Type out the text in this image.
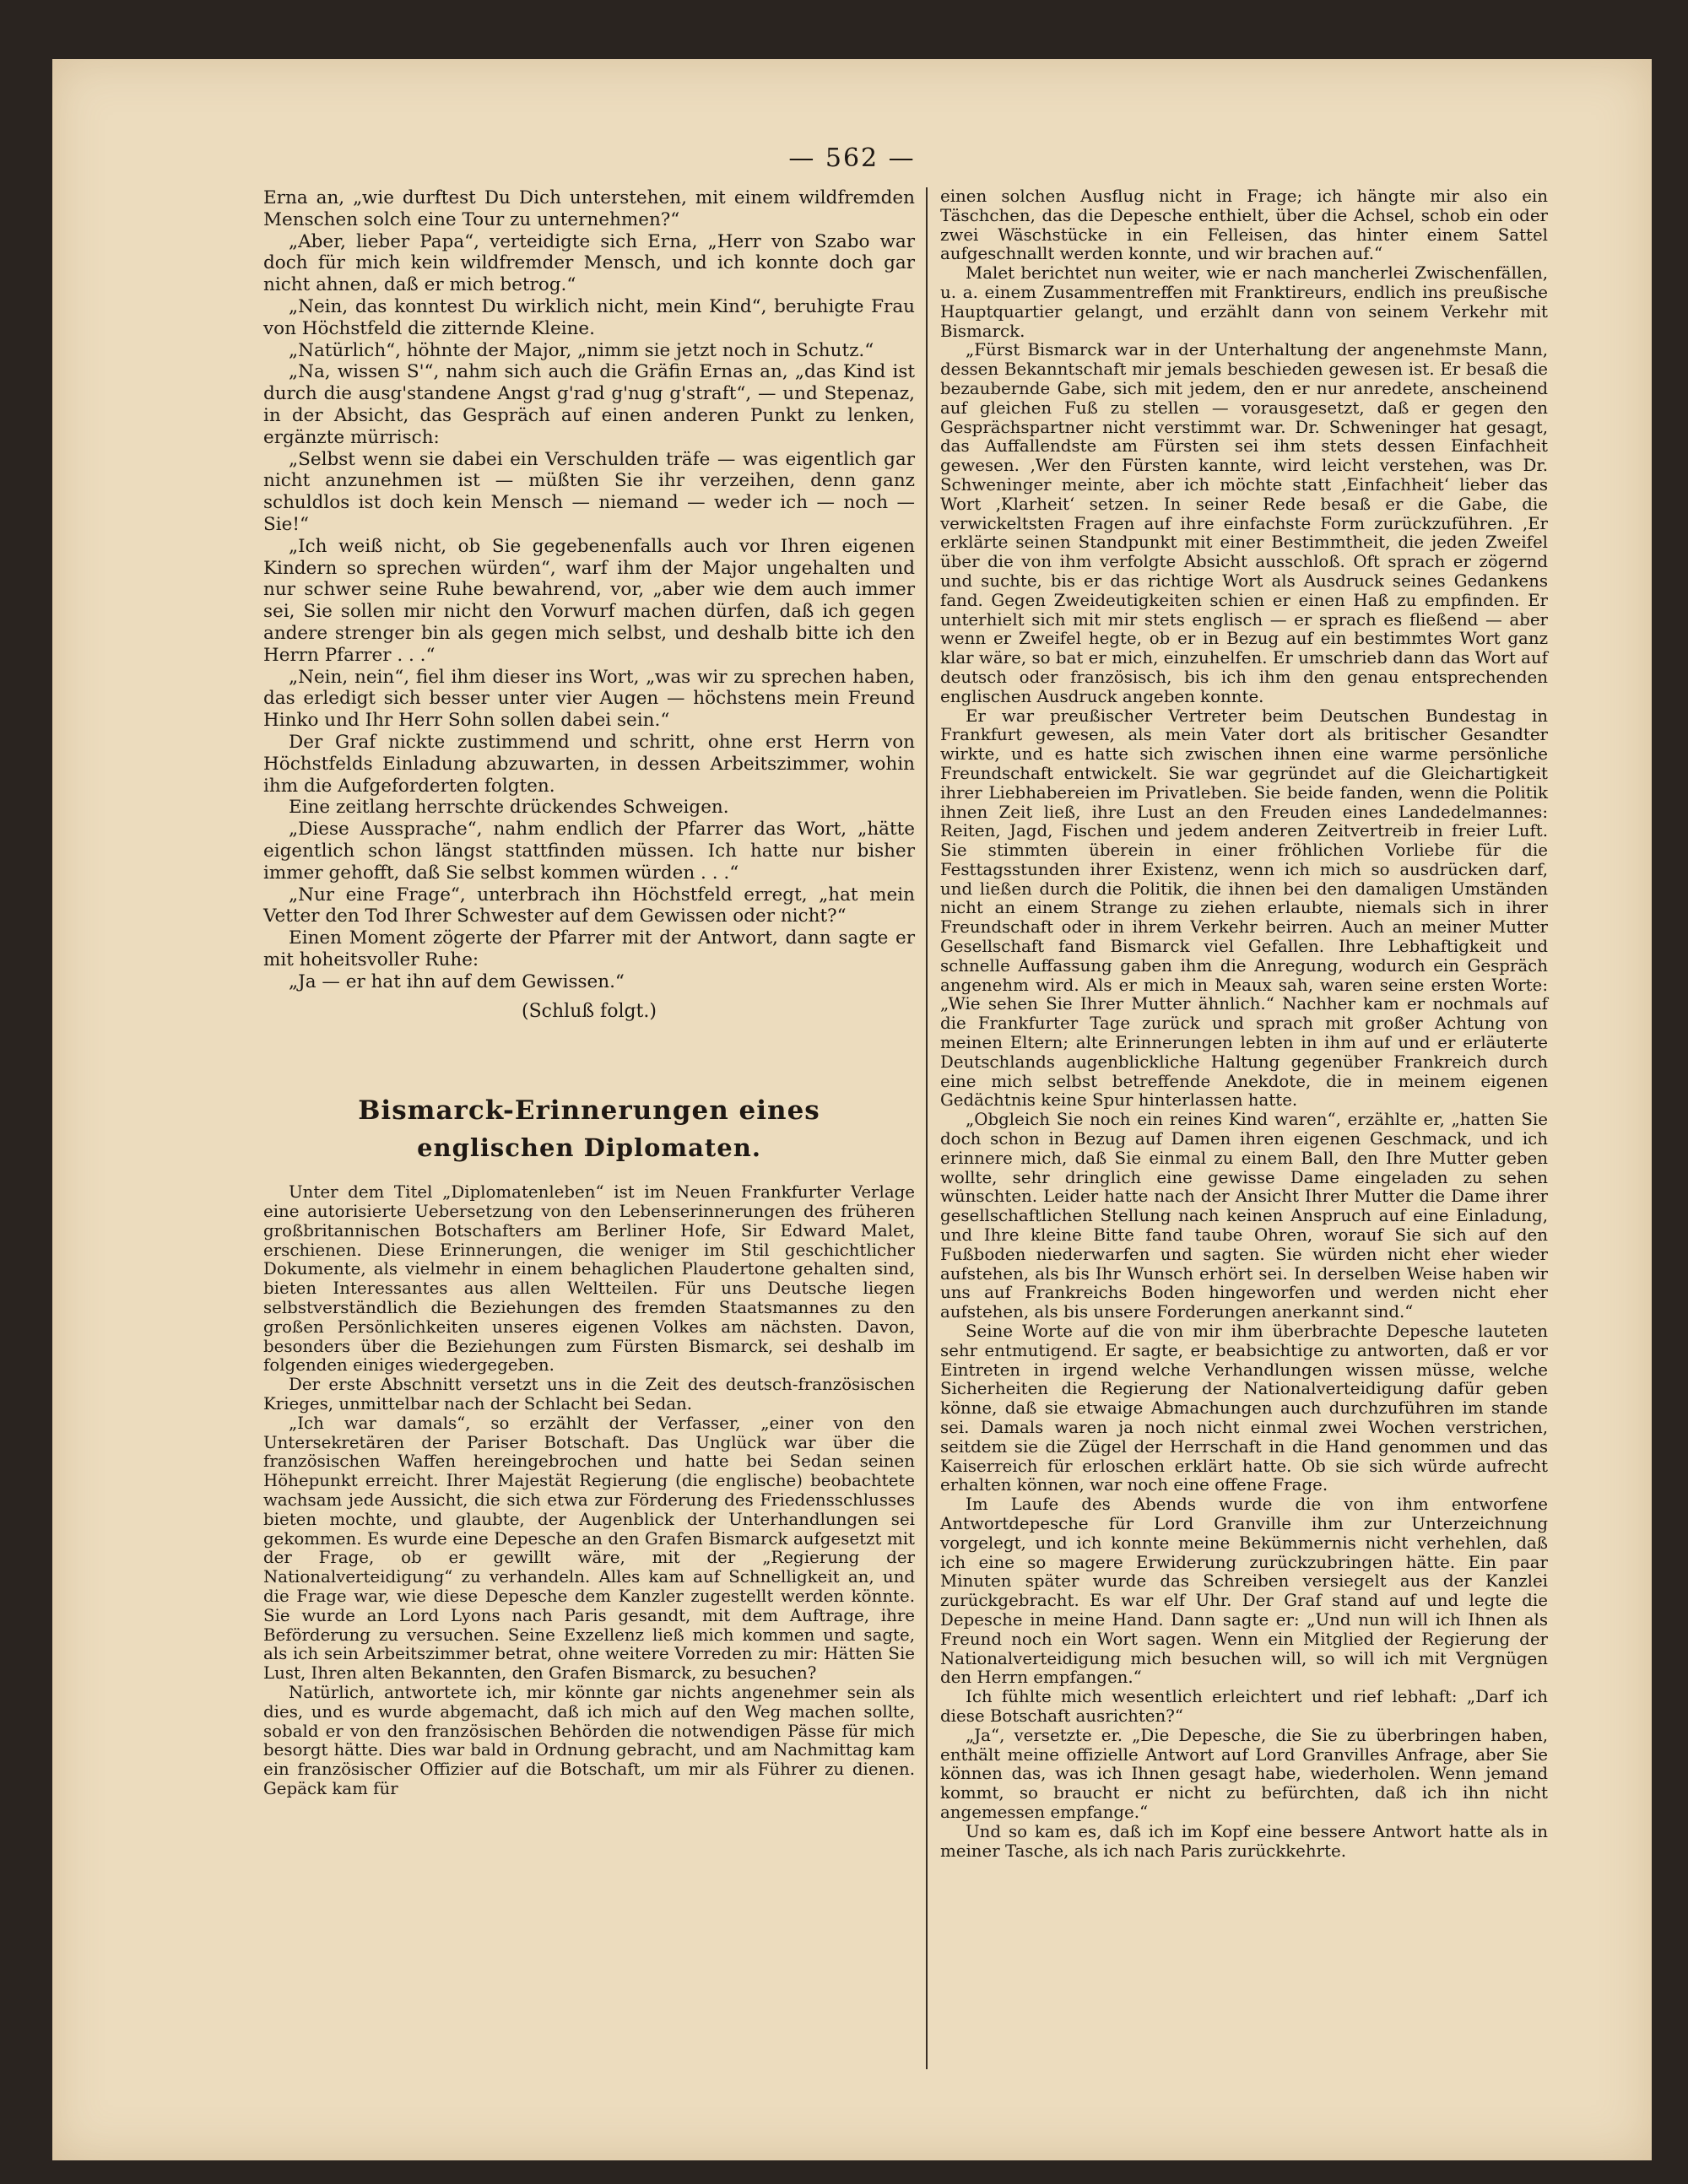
— 562 —

Erna an, „wie durftest Du Dich unterstehen, mit einem wildfremden Menschen solch eine Tour zu unternehmen?“

„Aber, lieber Papa“, verteidigte sich Erna, „Herr von Szabo war doch für mich kein wildfremder Mensch, und ich konnte doch gar nicht ahnen, daß er mich betrog.“

„Nein, das konntest Du wirklich nicht, mein Kind“, beruhigte Frau von Höchstfeld die zitternde Kleine.

„Natürlich“, höhnte der Major, „nimm sie jetzt noch in Schutz.“

„Na, wissen S'“, nahm sich auch die Gräfin Ernas an, „das Kind ist durch die ausg'standene Angst g'rad g'nug g'straft“, — und Stepenaz, in der Absicht, das Gespräch auf einen anderen Punkt zu lenken, ergänzte mürrisch:

„Selbst wenn sie dabei ein Verschulden träfe — was eigentlich gar nicht anzunehmen ist — müßten Sie ihr verzeihen, denn ganz schuldlos ist doch kein Mensch — niemand — weder ich — noch — Sie!“

„Ich weiß nicht, ob Sie gegebenenfalls auch vor Ihren eigenen Kindern so sprechen würden“, warf ihm der Major ungehalten und nur schwer seine Ruhe bewahrend, vor, „aber wie dem auch immer sei, Sie sollen mir nicht den Vorwurf machen dürfen, daß ich gegen andere strenger bin als gegen mich selbst, und deshalb bitte ich den Herrn Pfarrer . . .“

„Nein, nein“, fiel ihm dieser ins Wort, „was wir zu sprechen haben, das erledigt sich besser unter vier Augen — höchstens mein Freund Hinko und Ihr Herr Sohn sollen dabei sein.“

Der Graf nickte zustimmend und schritt, ohne erst Herrn von Höchstfelds Einladung abzuwarten, in dessen Arbeitszimmer, wohin ihm die Aufgeforderten folgten.

Eine zeitlang herrschte drückendes Schweigen.

„Diese Aussprache“, nahm endlich der Pfarrer das Wort, „hätte eigentlich schon längst stattfinden müssen. Ich hatte nur bisher immer gehofft, daß Sie selbst kommen würden . . .“

„Nur eine Frage“, unterbrach ihn Höchstfeld erregt, „hat mein Vetter den Tod Ihrer Schwester auf dem Gewissen oder nicht?“

Einen Moment zögerte der Pfarrer mit der Antwort, dann sagte er mit hoheitsvoller Ruhe:

„Ja — er hat ihn auf dem Gewissen.“

(Schluß folgt.)
Bismarck-Erinnerungen eines
englischen Diplomaten.

Unter dem Titel „Diplomatenleben“ ist im Neuen Frankfurter Verlage eine autorisierte Uebersetzung von den Lebenserinnerungen des früheren großbritannischen Botschafters am Berliner Hofe, Sir Edward Malet, erschienen. Diese Erinnerungen, die weniger im Stil geschichtlicher Dokumente, als vielmehr in einem behaglichen Plaudertone gehalten sind, bieten Interessantes aus allen Weltteilen. Für uns Deutsche liegen selbstverständlich die Beziehungen des fremden Staatsmannes zu den großen Persönlichkeiten unseres eigenen Volkes am nächsten. Davon, besonders über die Beziehungen zum Fürsten Bismarck, sei deshalb im folgenden einiges wiedergegeben.

Der erste Abschnitt versetzt uns in die Zeit des deutsch-französischen Krieges, unmittelbar nach der Schlacht bei Sedan.

„Ich war damals“, so erzählt der Verfasser, „einer von den Untersekretären der Pariser Botschaft. Das Unglück war über die französischen Waffen hereingebrochen und hatte bei Sedan seinen Höhepunkt erreicht. Ihrer Majestät Regierung (die englische) beobachtete wachsam jede Aussicht, die sich etwa zur Förderung des Friedensschlusses bieten mochte, und glaubte, der Augenblick der Unterhandlungen sei gekommen. Es wurde eine Depesche an den Grafen Bismarck aufgesetzt mit der Frage, ob er gewillt wäre, mit der „Regierung der Nationalverteidigung“ zu verhandeln. Alles kam auf Schnelligkeit an, und die Frage war, wie diese Depesche dem Kanzler zugestellt werden könnte. Sie wurde an Lord Lyons nach Paris gesandt, mit dem Auftrage, ihre Beförderung zu versuchen. Seine Exzellenz ließ mich kommen und sagte, als ich sein Arbeitszimmer betrat, ohne weitere Vorreden zu mir: Hätten Sie Lust, Ihren alten Bekannten, den Grafen Bismarck, zu besuchen?

Natürlich, antwortete ich, mir könnte gar nichts angenehmer sein als dies, und es wurde abgemacht, daß ich mich auf den Weg machen sollte, sobald er von den französischen Behörden die notwendigen Pässe für mich besorgt hätte. Dies war bald in Ordnung gebracht, und am Nachmittag kam ein französischer Offizier auf die Botschaft, um mir als Führer zu dienen. Gepäck kam für

einen solchen Ausflug nicht in Frage; ich hängte mir also ein Täschchen, das die Depesche enthielt, über die Achsel, schob ein oder zwei Wäschstücke in ein Felleisen, das hinter einem Sattel aufgeschnallt werden konnte, und wir brachen auf.“

Malet berichtet nun weiter, wie er nach mancherlei Zwischenfällen, u. a. einem Zusammentreffen mit Franktireurs, endlich ins preußische Hauptquartier gelangt, und erzählt dann von seinem Verkehr mit Bismarck.

„Fürst Bismarck war in der Unterhaltung der angenehmste Mann, dessen Bekanntschaft mir jemals beschieden gewesen ist. Er besaß die bezaubernde Gabe, sich mit jedem, den er nur anredete, anscheinend auf gleichen Fuß zu stellen — vorausgesetzt, daß er gegen den Gesprächspartner nicht verstimmt war. Dr. Schweninger hat gesagt, das Auffallendste am Fürsten sei ihm stets dessen Einfachheit gewesen. ‚Wer den Fürsten kannte, wird leicht verstehen, was Dr. Schweninger meinte, aber ich möchte statt ‚Einfachheit‘ lieber das Wort ‚Klarheit‘ setzen. In seiner Rede besaß er die Gabe, die verwickeltsten Fragen auf ihre einfachste Form zurückzuführen. ‚Er erklärte seinen Standpunkt mit einer Bestimmtheit, die jeden Zweifel über die von ihm verfolgte Absicht ausschloß. Oft sprach er zögernd und suchte, bis er das richtige Wort als Ausdruck seines Gedankens fand. Gegen Zweideutigkeiten schien er einen Haß zu empfinden. Er unterhielt sich mit mir stets englisch — er sprach es fließend — aber wenn er Zweifel hegte, ob er in Bezug auf ein bestimmtes Wort ganz klar wäre, so bat er mich, einzuhelfen. Er umschrieb dann das Wort auf deutsch oder französisch, bis ich ihm den genau entsprechenden englischen Ausdruck angeben konnte.

Er war preußischer Vertreter beim Deutschen Bundestag in Frankfurt gewesen, als mein Vater dort als britischer Gesandter wirkte, und es hatte sich zwischen ihnen eine warme persönliche Freundschaft entwickelt. Sie war gegründet auf die Gleichartigkeit ihrer Liebhabereien im Privatleben. Sie beide fanden, wenn die Politik ihnen Zeit ließ, ihre Lust an den Freuden eines Landedelmannes: Reiten, Jagd, Fischen und jedem anderen Zeitvertreib in freier Luft. Sie stimmten überein in einer fröhlichen Vorliebe für die Festtagsstunden ihrer Existenz, wenn ich mich so ausdrücken darf, und ließen durch die Politik, die ihnen bei den damaligen Umständen nicht an einem Strange zu ziehen erlaubte, niemals sich in ihrer Freundschaft oder in ihrem Verkehr beirren. Auch an meiner Mutter Gesellschaft fand Bismarck viel Gefallen. Ihre Lebhaftigkeit und schnelle Auffassung gaben ihm die Anregung, wodurch ein Gespräch angenehm wird. Als er mich in Meaux sah, waren seine ersten Worte: „Wie sehen Sie Ihrer Mutter ähnlich.“ Nachher kam er nochmals auf die Frankfurter Tage zurück und sprach mit großer Achtung von meinen Eltern; alte Erinnerungen lebten in ihm auf und er erläuterte Deutschlands augenblickliche Haltung gegenüber Frankreich durch eine mich selbst betreffende Anekdote, die in meinem eigenen Gedächtnis keine Spur hinterlassen hatte.

„Obgleich Sie noch ein reines Kind waren“, erzählte er, „hatten Sie doch schon in Bezug auf Damen ihren eigenen Geschmack, und ich erinnere mich, daß Sie einmal zu einem Ball, den Ihre Mutter geben wollte, sehr dringlich eine gewisse Dame eingeladen zu sehen wünschten. Leider hatte nach der Ansicht Ihrer Mutter die Dame ihrer gesellschaftlichen Stellung nach keinen Anspruch auf eine Einladung, und Ihre kleine Bitte fand taube Ohren, worauf Sie sich auf den Fußboden niederwarfen und sagten. Sie würden nicht eher wieder aufstehen, als bis Ihr Wunsch erhört sei. In derselben Weise haben wir uns auf Frankreichs Boden hingeworfen und werden nicht eher aufstehen, als bis unsere Forderungen anerkannt sind.“

Seine Worte auf die von mir ihm überbrachte Depesche lauteten sehr entmutigend. Er sagte, er beabsichtige zu antworten, daß er vor Eintreten in irgend welche Verhandlungen wissen müsse, welche Sicherheiten die Regierung der Nationalverteidigung dafür geben könne, daß sie etwaige Abmachungen auch durchzuführen im stande sei. Damals waren ja noch nicht einmal zwei Wochen verstrichen, seitdem sie die Zügel der Herrschaft in die Hand genommen und das Kaiserreich für erloschen erklärt hatte. Ob sie sich würde aufrecht erhalten können, war noch eine offene Frage.

Im Laufe des Abends wurde die von ihm entworfene Antwortdepesche für Lord Granville ihm zur Unterzeichnung vorgelegt, und ich konnte meine Bekümmernis nicht verhehlen, daß ich eine so magere Erwiderung zurückzubringen hätte. Ein paar Minuten später wurde das Schreiben versiegelt aus der Kanzlei zurückgebracht. Es war elf Uhr. Der Graf stand auf und legte die Depesche in meine Hand. Dann sagte er: „Und nun will ich Ihnen als Freund noch ein Wort sagen. Wenn ein Mitglied der Regierung der Nationalverteidigung mich besuchen will, so will ich mit Vergnügen den Herrn empfangen.“

Ich fühlte mich wesentlich erleichtert und rief lebhaft: „Darf ich diese Botschaft ausrichten?“

„Ja“, versetzte er. „Die Depesche, die Sie zu überbringen haben, enthält meine offizielle Antwort auf Lord Granvilles Anfrage, aber Sie können das, was ich Ihnen gesagt habe, wiederholen. Wenn jemand kommt, so braucht er nicht zu befürchten, daß ich ihn nicht angemessen empfange.“

Und so kam es, daß ich im Kopf eine bessere Antwort hatte als in meiner Tasche, als ich nach Paris zurückkehrte.
